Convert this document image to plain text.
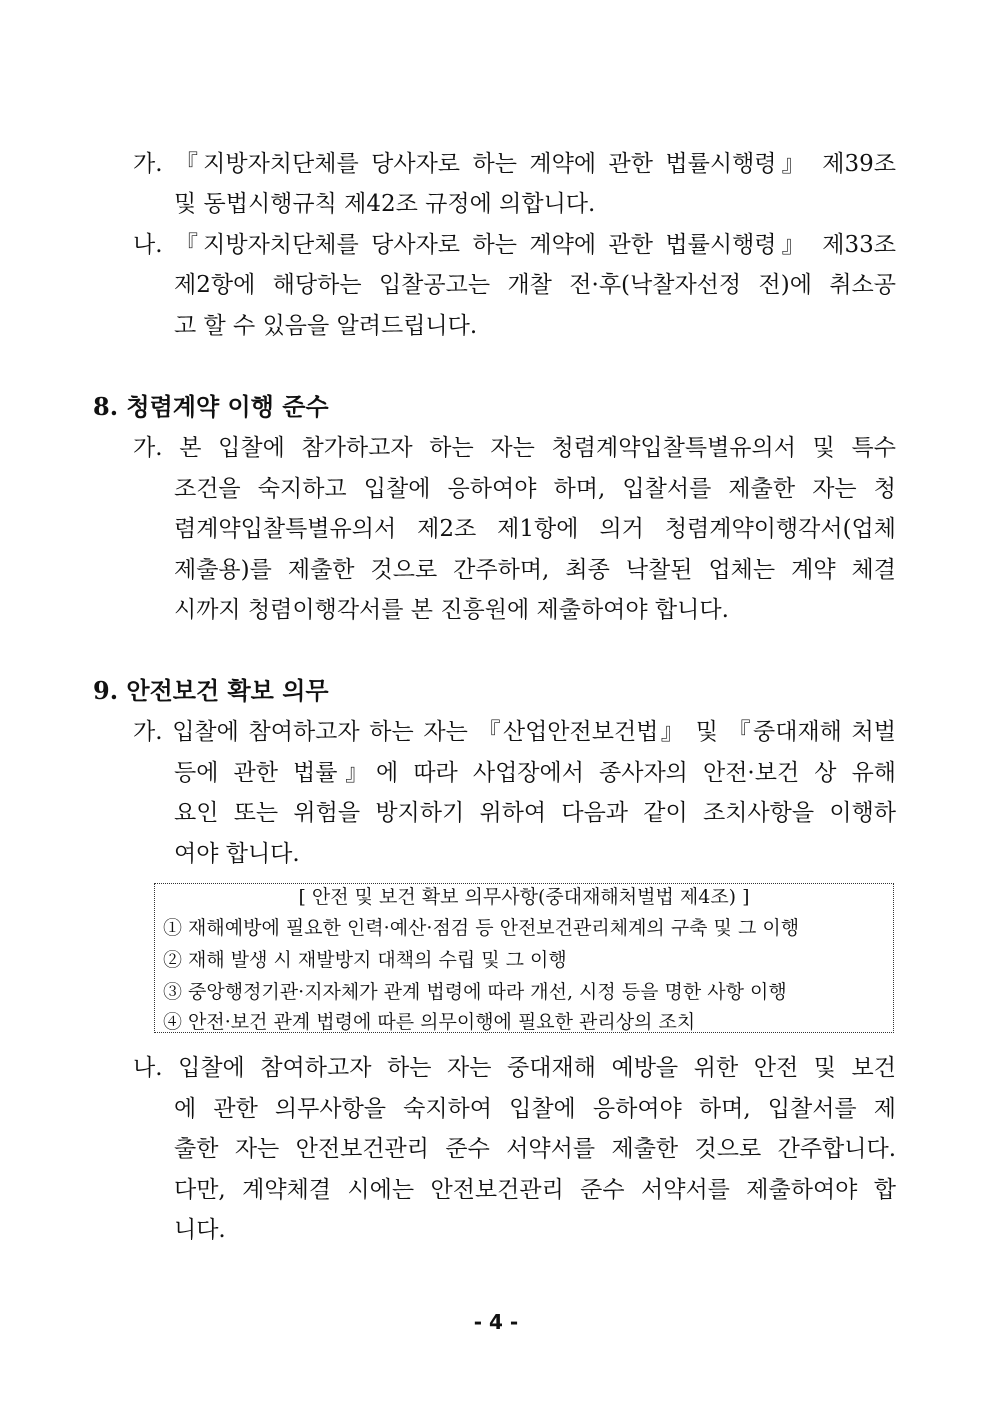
가. 『지방자치단체를 당사자로 하는 계약에 관한 법률시행령』 제39조
및 동법시행규칙 제42조 규정에 의합니다.
나. 『지방자치단체를 당사자로 하는 계약에 관한 법률시행령』 제33조
제2항에 해당하는 입찰공고는 개찰 전·후(낙찰자선정 전)에 취소공
고 할 수 있음을 알려드립니다.
8. 청렴계약 이행 준수
가. 본 입찰에 참가하고자 하는 자는 청렴계약입찰특별유의서 및 특수
조건을 숙지하고 입찰에 응하여야 하며, 입찰서를 제출한 자는 청
렴계약입찰특별유의서 제2조 제1항에 의거 청렴계약이행각서(업체
제출용)를 제출한 것으로 간주하며, 최종 낙찰된 업체는 계약 체결
시까지 청렴이행각서를 본 진흥원에 제출하여야 합니다.
9. 안전보건 확보 의무
가. 입찰에 참여하고자 하는 자는 『산업안전보건법』 및 『중대재해 처벌
등에 관한 법률』에 따라 사업장에서 종사자의 안전·보건 상 유해
요인 또는 위험을 방지하기 위하여 다음과 같이 조치사항을 이행하
여야 합니다.
[ 안전 및 보건 확보 의무사항(중대재해처벌법 제4조) ]
① 재해예방에 필요한 인력·예산·점검 등 안전보건관리체계의 구축 및 그 이행
② 재해 발생 시 재발방지 대책의 수립 및 그 이행
③ 중앙행정기관·지자체가 관계 법령에 따라 개선, 시정 등을 명한 사항 이행
④ 안전·보건 관계 법령에 따른 의무이행에 필요한 관리상의 조치
나. 입찰에 참여하고자 하는 자는 중대재해 예방을 위한 안전 및 보건
에 관한 의무사항을 숙지하여 입찰에 응하여야 하며, 입찰서를 제
출한 자는 안전보건관리 준수 서약서를 제출한 것으로 간주합니다.
다만, 계약체결 시에는 안전보건관리 준수 서약서를 제출하여야 합
니다.
- 4 -
